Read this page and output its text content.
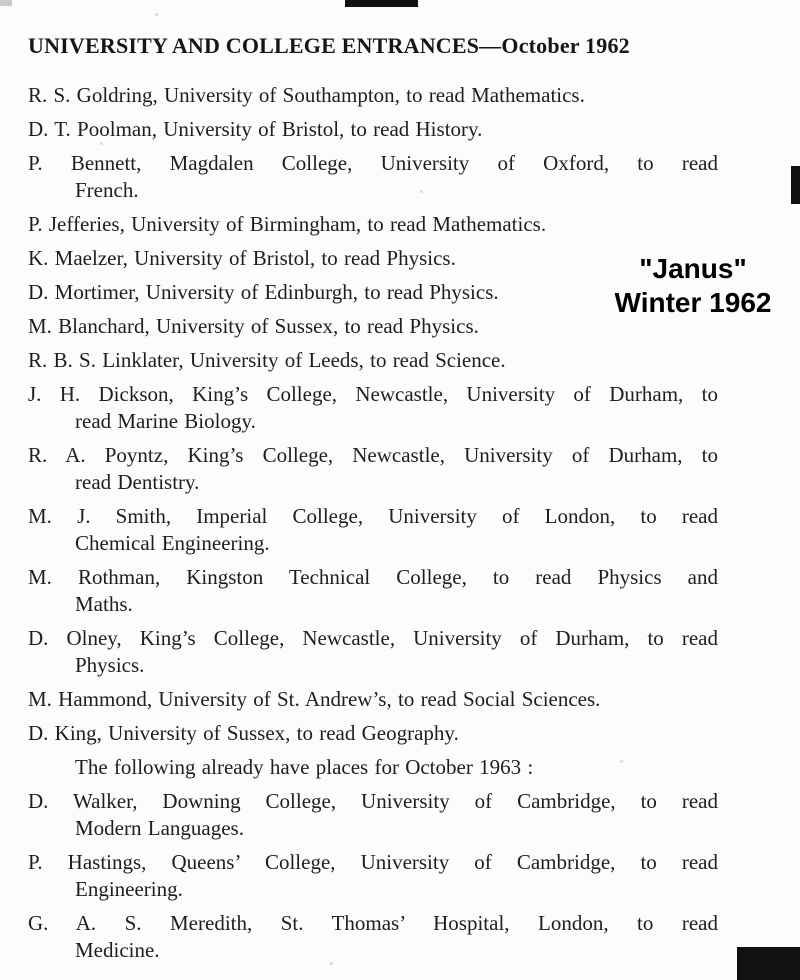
UNIVERSITY AND COLLEGE ENTRANCES—October 1962

R. S. Goldring, University of Southampton, to read Mathematics.

D. T. Poolman, University of Bristol, to read History.

P. Bennett, Magdalen College, University of Oxford, to read
French.

P. Jefferies, University of Birmingham, to read Mathematics.

K. Maelzer, University of Bristol, to read Physics.

D. Mortimer, University of Edinburgh, to read Physics.

M. Blanchard, University of Sussex, to read Physics.

R. B. S. Linklater, University of Leeds, to read Science.

J. H. Dickson, King’s College, Newcastle, University of Durham, to
read Marine Biology.

R. A. Poyntz, King’s College, Newcastle, University of Durham, to
read Dentistry.

M. J. Smith, Imperial College, University of London, to read
Chemical Engineering.

M. Rothman, Kingston Technical College, to read Physics and
Maths.

D. Olney, King’s College, Newcastle, University of Durham, to read
Physics.

M. Hammond, University of St. Andrew’s, to read Social Sciences.

D. King, University of Sussex, to read Geography.

The following already have places for October 1963 :

D. Walker, Downing College, University of Cambridge, to read
Modern Languages.

P. Hastings, Queens’ College, University of Cambridge, to read
Engineering.

G. A. S. Meredith, St. Thomas’ Hospital, London, to read
Medicine.

"Janus"
Winter 1962
